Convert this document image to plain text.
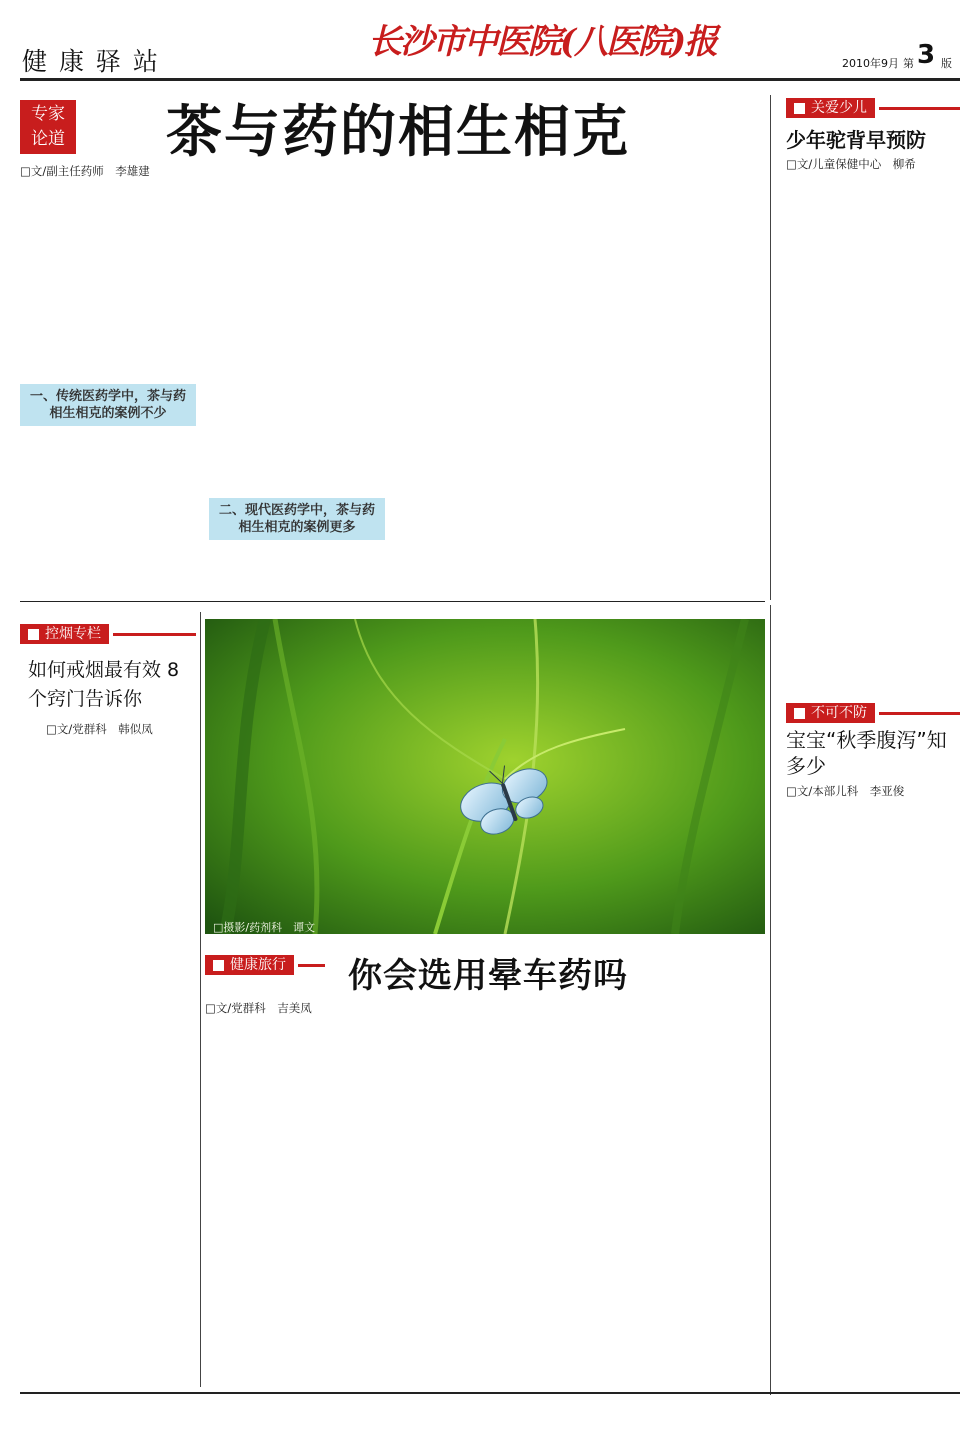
健 康 驿 站	长沙市中医院(八医院)报
2010年9月 第 3 版
专家论道 茶与药的相生相克
□文/副主任药师　李雄建
一、传统医药学中，茶与药相生相克的案例不少
二、现代医药学中，茶与药相生相克的案例更多
关爱少儿
少年驼背早预防
□文/儿童保健中心　柳希
不可不防
宝宝“秋季腹泻”知多少
□文/本部儿科　李亚俊
控烟专栏
如何戒烟最有效 8个窍门告诉你
□文/党群科　韩似凤
□摄影/药剂科　谭文
健康旅行 你会选用晕车药吗
□文/党群科　吉美凤
